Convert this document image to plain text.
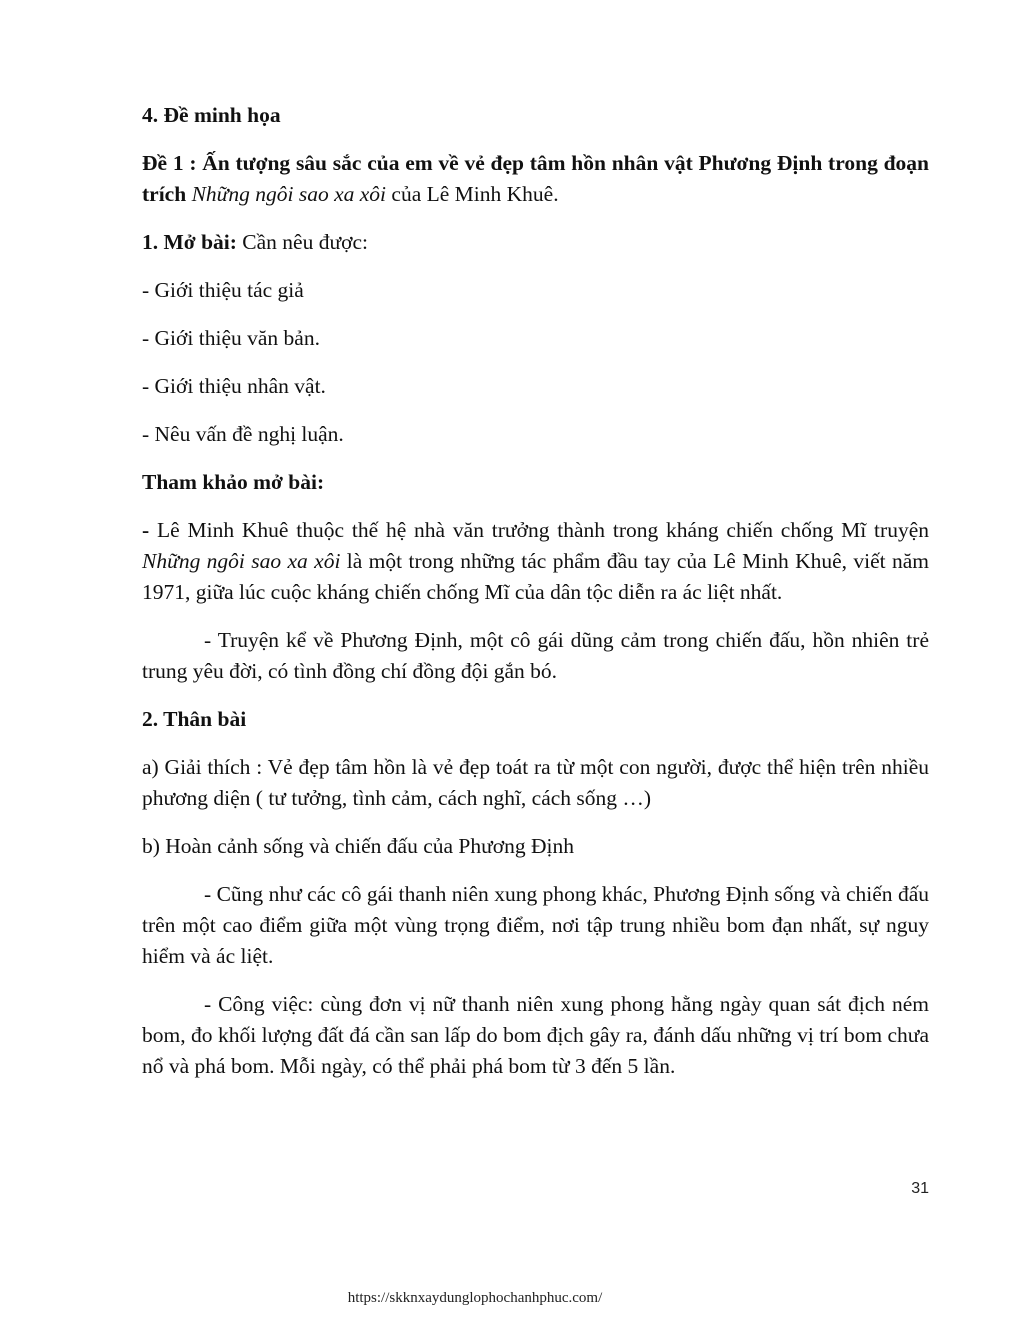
4. Đề minh họa

Đề 1 : Ấn tượng sâu sắc của em về vẻ đẹp tâm hồn nhân vật Phương Định trong đoạn trích Những ngôi sao xa xôi của Lê Minh Khuê.

1. Mở bài: Cần nêu được:

- Giới thiệu tác giả

- Giới thiệu văn bản.

- Giới thiệu nhân vật.

- Nêu vấn đề nghị luận.

Tham khảo mở bài:

- Lê Minh Khuê thuộc thế hệ nhà văn trưởng thành trong kháng chiến chống Mĩ truyện Những ngôi sao xa xôi là một trong những tác phẩm đầu tay của Lê Minh Khuê, viết năm 1971, giữa lúc cuộc kháng chiến chống Mĩ của dân tộc diễn ra ác liệt nhất.

- Truyện kể về Phương Định, một cô gái dũng cảm trong chiến đấu, hồn nhiên trẻ trung yêu đời, có tình đồng chí đồng đội gắn bó.

2. Thân bài

a) Giải thích : Vẻ đẹp tâm hồn là vẻ đẹp toát ra từ một con người, được thể hiện trên nhiều phương diện ( tư tưởng, tình cảm, cách nghĩ, cách sống …)

b) Hoàn cảnh sống và chiến đấu của Phương Định

- Cũng như các cô gái thanh niên xung phong khác, Phương Định sống và chiến đấu trên một cao điểm giữa một vùng trọng điểm, nơi tập trung nhiều bom đạn nhất, sự nguy hiểm và ác liệt.

- Công việc: cùng đơn vị nữ thanh niên xung phong hằng ngày quan sát địch ném bom, đo khối lượng đất đá cần san lấp do bom địch gây ra, đánh dấu những vị trí bom chưa nổ và phá bom. Mỗi ngày, có thể phải phá bom từ 3 đến 5 lần.

31
https://skknxaydunglophochanhphuc.com/
